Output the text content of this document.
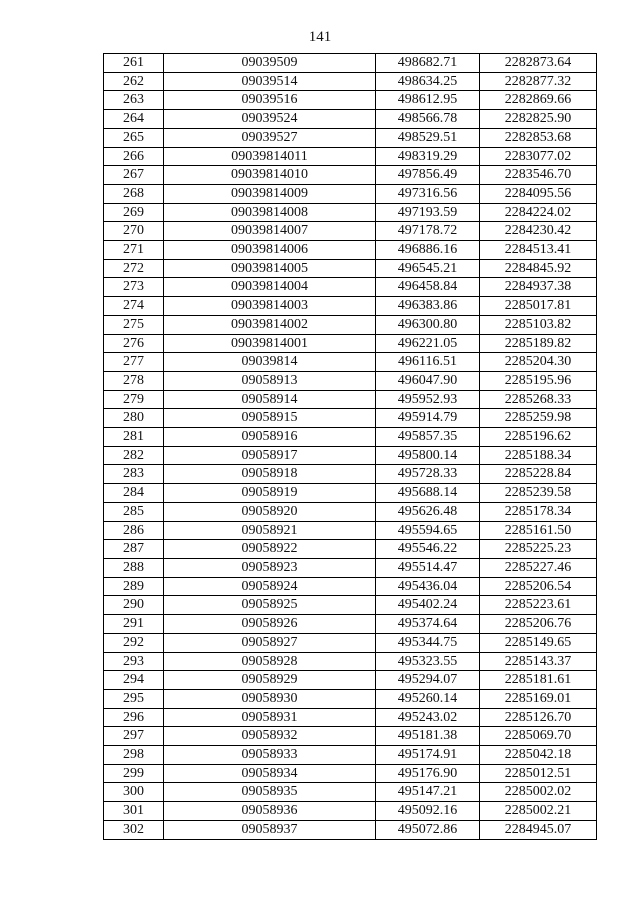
141
261	09039509	498682.71	2282873.64
262	09039514	498634.25	2282877.32
263	09039516	498612.95	2282869.66
264	09039524	498566.78	2282825.90
265	09039527	498529.51	2282853.68
266	09039814011	498319.29	2283077.02
267	09039814010	497856.49	2283546.70
268	09039814009	497316.56	2284095.56
269	09039814008	497193.59	2284224.02
270	09039814007	497178.72	2284230.42
271	09039814006	496886.16	2284513.41
272	09039814005	496545.21	2284845.92
273	09039814004	496458.84	2284937.38
274	09039814003	496383.86	2285017.81
275	09039814002	496300.80	2285103.82
276	09039814001	496221.05	2285189.82
277	09039814	496116.51	2285204.30
278	09058913	496047.90	2285195.96
279	09058914	495952.93	2285268.33
280	09058915	495914.79	2285259.98
281	09058916	495857.35	2285196.62
282	09058917	495800.14	2285188.34
283	09058918	495728.33	2285228.84
284	09058919	495688.14	2285239.58
285	09058920	495626.48	2285178.34
286	09058921	495594.65	2285161.50
287	09058922	495546.22	2285225.23
288	09058923	495514.47	2285227.46
289	09058924	495436.04	2285206.54
290	09058925	495402.24	2285223.61
291	09058926	495374.64	2285206.76
292	09058927	495344.75	2285149.65
293	09058928	495323.55	2285143.37
294	09058929	495294.07	2285181.61
295	09058930	495260.14	2285169.01
296	09058931	495243.02	2285126.70
297	09058932	495181.38	2285069.70
298	09058933	495174.91	2285042.18
299	09058934	495176.90	2285012.51
300	09058935	495147.21	2285002.02
301	09058936	495092.16	2285002.21
302	09058937	495072.86	2284945.07
